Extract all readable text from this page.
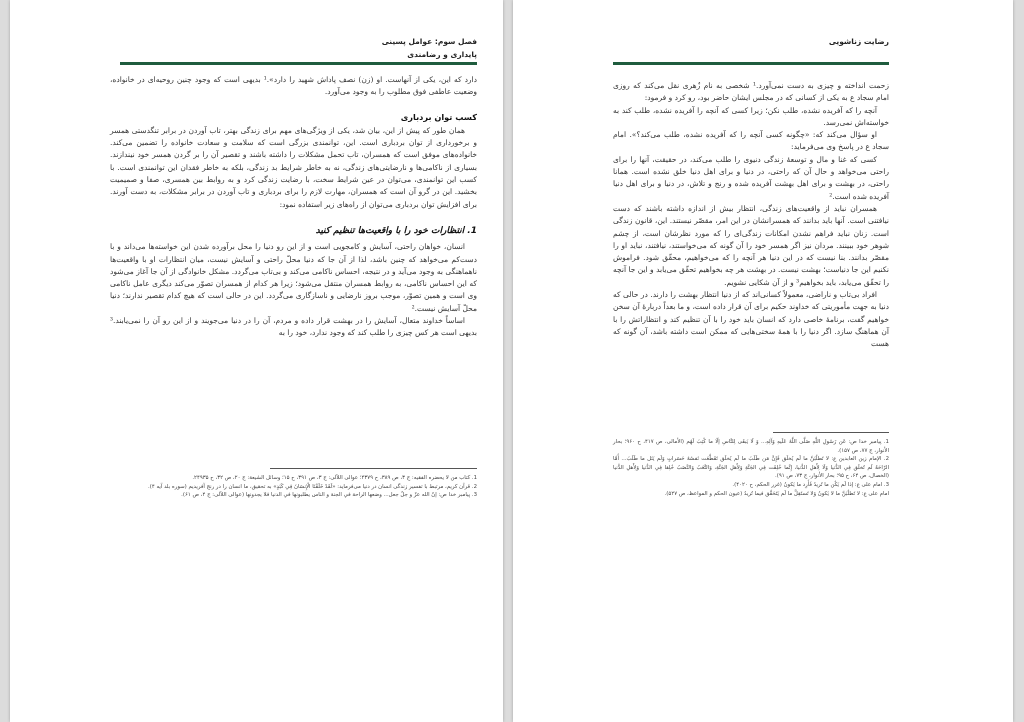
فصل سوم: عوامل پسینی
پایداری و رضامندی

دارد که این، یکی از آنهاست. او (زن) نصف پاداش شهید را دارد».¹ بدیهی است که وجود چنین روحیه‌ای در خانواده، وضعیت عاطفی فوق مطلوب را به وجود می‌آورد.

کسب توان بردباری

همان طور که پیش از این، بیان شد، یکی از ویژگی‌های مهم برای زندگی بهتر، تاب آوردن در برابر تنگدستی همسر و برخورداری از توان بردباری است. این، توانمندی بزرگی است که سلامت و سعادت خانواده را تضمین می‌کند. خانواده‌های موفق است که همسران، تاب تحمل مشکلات را داشته باشند و تقصیر آن را بر گردن همسر خود نیندازند. بسیاری از ناکامی‌ها و نارضایتی‌های زندگی، نه به خاطر شرایط بد زندگی، بلکه به خاطر فقدان این توانمندی است. با کسب این توانمندی، می‌توان در عین شرایط سخت، با رضایت زندگی کرد و به روابط بین همسری، صفا و صمیمیت بخشید. این در گرو آن است که همسران، مهارت لازم را برای بردباری و تاب آوردن در برابر مشکلات، به دست آورند. برای افزایش توان بردباری می‌توان از راه‌های زیر استفاده نمود:

1. انتظارات خود را با واقعیت‌ها تنظیم کنید

انسان، خواهان راحتی، آسایش و کامجویی است و از این رو دنیا را محل برآورده شدن این خواسته‌ها می‌داند و با دست‌کم می‌خواهد که چنین باشد، لذا از آن جا که دنیا محلّ راحتی و آسایش نیست، میان انتظارات او با واقعیت‌ها ناهماهنگی به وجود می‌آید و در نتیجه، احساس ناکامی می‌کند و بی‌تاب می‌گردد. مشکل خانوادگی از آن جا آغاز می‌شود که این احساس ناکامی، به روابط همسران منتقل می‌شود؛ زیرا هر کدام از همسران تصوّر می‌کند دیگری عامل ناکامی وی است و همین تصوّر، موجب بروز نارضایی و ناسازگاری می‌گردد. این در حالی است که هیچ کدام تقصیر ندارند؛ دنیا محلّ آسایش نیست.²

اساساً خداوند متعال، آسایش را در بهشت قرار داده و مردم، آن را در دنیا می‌جویند و از این رو آن را نمی‌یابند.³ بدیهی است هر کس چیزی را طلب کند که وجود ندارد، خود را به

1. کتاب من لا یحضره الفقیه: ج ۳، ص ۳۸۹، ح ۴۳۷۹؛ عوالی اللآلی: ج ۳، ص ۳۹۱، ح ۱۵؛ وسائل الشیعة: ج ۲۰، ص ۳۲، ح ۲۴۹۳۵.
2. قرآن کریم، مرتبط با تفسیر زندگی انسان در دنیا می‌فرماید: «لَقَدْ خَلَقْنَا الْإِنسَانَ فِي كَبَدٍ» به تحقیق، ما انسان را در رنج آفریدیم (سوره بلد آیه ۴).
3. پیامبر خدا ص: إنّ الله عزّ و جلّ جعل... وضعها الراحة في الجنة و الناس يطلبونها في الدنيا فلا يجدونها (عوالی اللآلی: ج ۴، ص ۶۱).
رضایت زناشویی

زحمت انداخته و چیزی به دست نمی‌آورد.¹ شخصی به نام زُهری نقل می‌کند که روزی امام سجاد ع به یکی از کسانی که در مجلس ایشان حاضر بود، رو کرد و فرمود:

آنچه را که آفریده نشده، طلب نکن؛ زیرا کسی که آنچه را آفریده نشده، طلب کند به خواسته‌اش نمی‌رسد.

او سؤال می‌کند که: «چگونه کسی آنچه را که آفریده نشده، طلب می‌کند؟». امام سجاد ع در پاسخ وی می‌فرماید:

کسی که غنا و مال و توسعهٔ زندگی دنیوی را طلب می‌کند، در حقیقت، آنها را برای راحتی می‌خواهد و حال آن که راحتی، در دنیا و برای اهل دنیا خلق نشده است. همانا راحتی، در بهشت و برای اهل بهشت آفریده شده و رنج و تلاش، در دنیا و برای اهل دنیا آفریده شده است.²

همسران نباید از واقعیت‌های زندگی، انتظار بیش از اندازه داشته باشند که دست نیافتنی است. آنها باید بدانند که همسرانشان در این امر، مقصّر نیستند. این، قانون زندگی است. زنان نباید فراهم نشدن امکانات زندگی‌ای را که مورد نظرشان است، از چشم شوهر خود ببینند. مردان نیز اگر همسر خود را آن گونه که می‌خواستند، نیافتند، نباید او را مقصّر بدانند. بنا نیست که در این دنیا هر آنچه را که می‌خواهیم، محقّق شود. فراموش نکنیم این جا دنیاست؛ بهشت نیست. در بهشت هر چه بخواهیم تحقّق می‌یابد و این جا آنچه را تحقّق می‌یابد، باید بخواهیم³ و از آن شکایی نشویم.

افراد بی‌تاب و ناراضی، معمولاً کسانی‌اند که از دنیا انتظار بهشت را دارند. در حالی که دنیا به جهت مأموریتی که خداوند حکیم برای آن قرار داده است، و ما بعداً دربارهٔ آن سخن خواهیم گفت، برنامهٔ خاصی دارد که انسان باید خود را با آن تنظیم کند و انتظاراتش را با آن هماهنگ سازد. اگر دنیا را با همهٔ سختی‌هایی که ممکن است داشته باشد، آن گونه که هست

1. پیامبر خدا ص: عَن رَسُولِ اللَّهِ صَلَّى اللَّهُ عَلَيهِ وَآلِهِ... وَ لَا يَبقَى لِلنَّاسِ إلّا ما كُتِبَ لَهُم (الأمالی، ص ۴۱۷، ح ۹۶۰؛ بحار الأنوار، ج ۷۷، ص ۱۵۷).
2. الإمام زین العابدین ع: لا تَطلُبَنَّ ما لَم يُخلَق فَإِنَّ مَن طَلَبَ ما لَم يُخلَق تَقَطَّعَت نَفسُهُ حَسَراتٍ وَلَم يَنَل ما طَلَبَ... أَمَّا الرّاحَةُ لَم تُخلَق فِي الدُّنيا وَلَا لِأَهلِ الدُّنيا، إِنَّما خُلِقَت فِي الجَنَّةِ وَلِأَهلِ الجَنَّةِ، وَالتَّعَبُ وَالنَّصَبُ خُلِقا فِي الدُّنيا وَلِأَهلِ الدُّنيا (الخصال، ص ۶۴، ح ۹۵؛ بحار الأنوار، ج ۷۳، ص ۹۱).
3. امام علی ع: إذا لَم يَكُن ما تُريدُ فَأَرِد ما يَكونُ (غرر الحکم، ح ۴۰۲۰).
امام علی ع: لا تَطلُبَنَّ ما لا يَكونُ وَلا تَستَقِلَّ ما لَم يَتَحَقَّق فيما تُريدُ (عیون الحکم و المواعظ، ص ۵۲۷).
